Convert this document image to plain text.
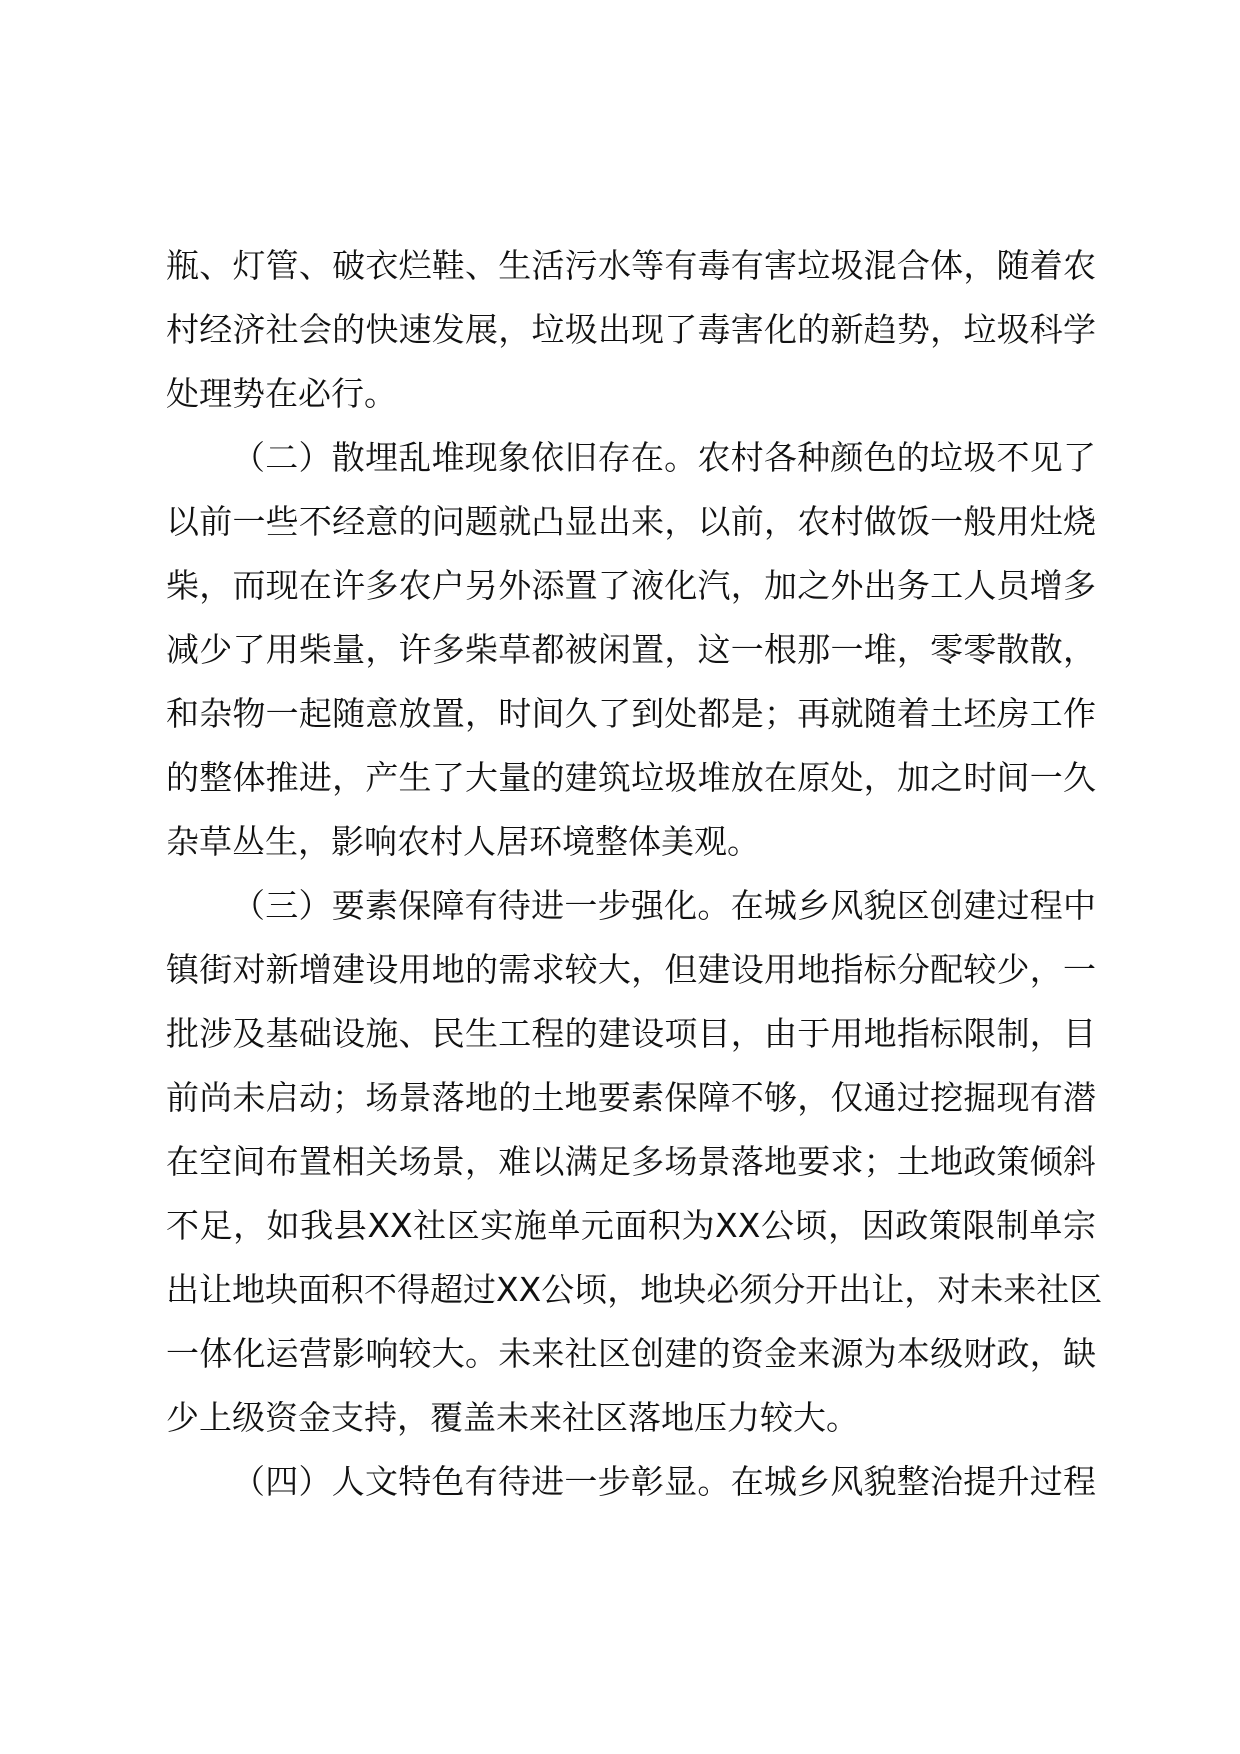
瓶、灯管、破衣烂鞋、生活污水等有毒有害垃圾混合体，随着农
村经济社会的快速发展，垃圾出现了毒害化的新趋势，垃圾科学
处理势在必行。
（二）散埋乱堆现象依旧存在。农村各种颜色的垃圾不见了
以前一些不经意的问题就凸显出来，以前，农村做饭一般用灶烧
柴，而现在许多农户另外添置了液化汽，加之外出务工人员增多
减少了用柴量，许多柴草都被闲置，这一根那一堆，零零散散，
和杂物一起随意放置，时间久了到处都是；再就随着土坯房工作
的整体推进，产生了大量的建筑垃圾堆放在原处，加之时间一久
杂草丛生，影响农村人居环境整体美观。
（三）要素保障有待进一步强化。在城乡风貌区创建过程中
镇街对新增建设用地的需求较大，但建设用地指标分配较少，一
批涉及基础设施、民生工程的建设项目，由于用地指标限制，目
前尚未启动；场景落地的土地要素保障不够，仅通过挖掘现有潜
在空间布置相关场景，难以满足多场景落地要求；土地政策倾斜
不足，如我县XX社区实施单元面积为XX公顷，因政策限制单宗
出让地块面积不得超过XX公顷，地块必须分开出让，对未来社区
一体化运营影响较大。未来社区创建的资金来源为本级财政，缺
少上级资金支持，覆盖未来社区落地压力较大。
（四）人文特色有待进一步彰显。在城乡风貌整治提升过程
